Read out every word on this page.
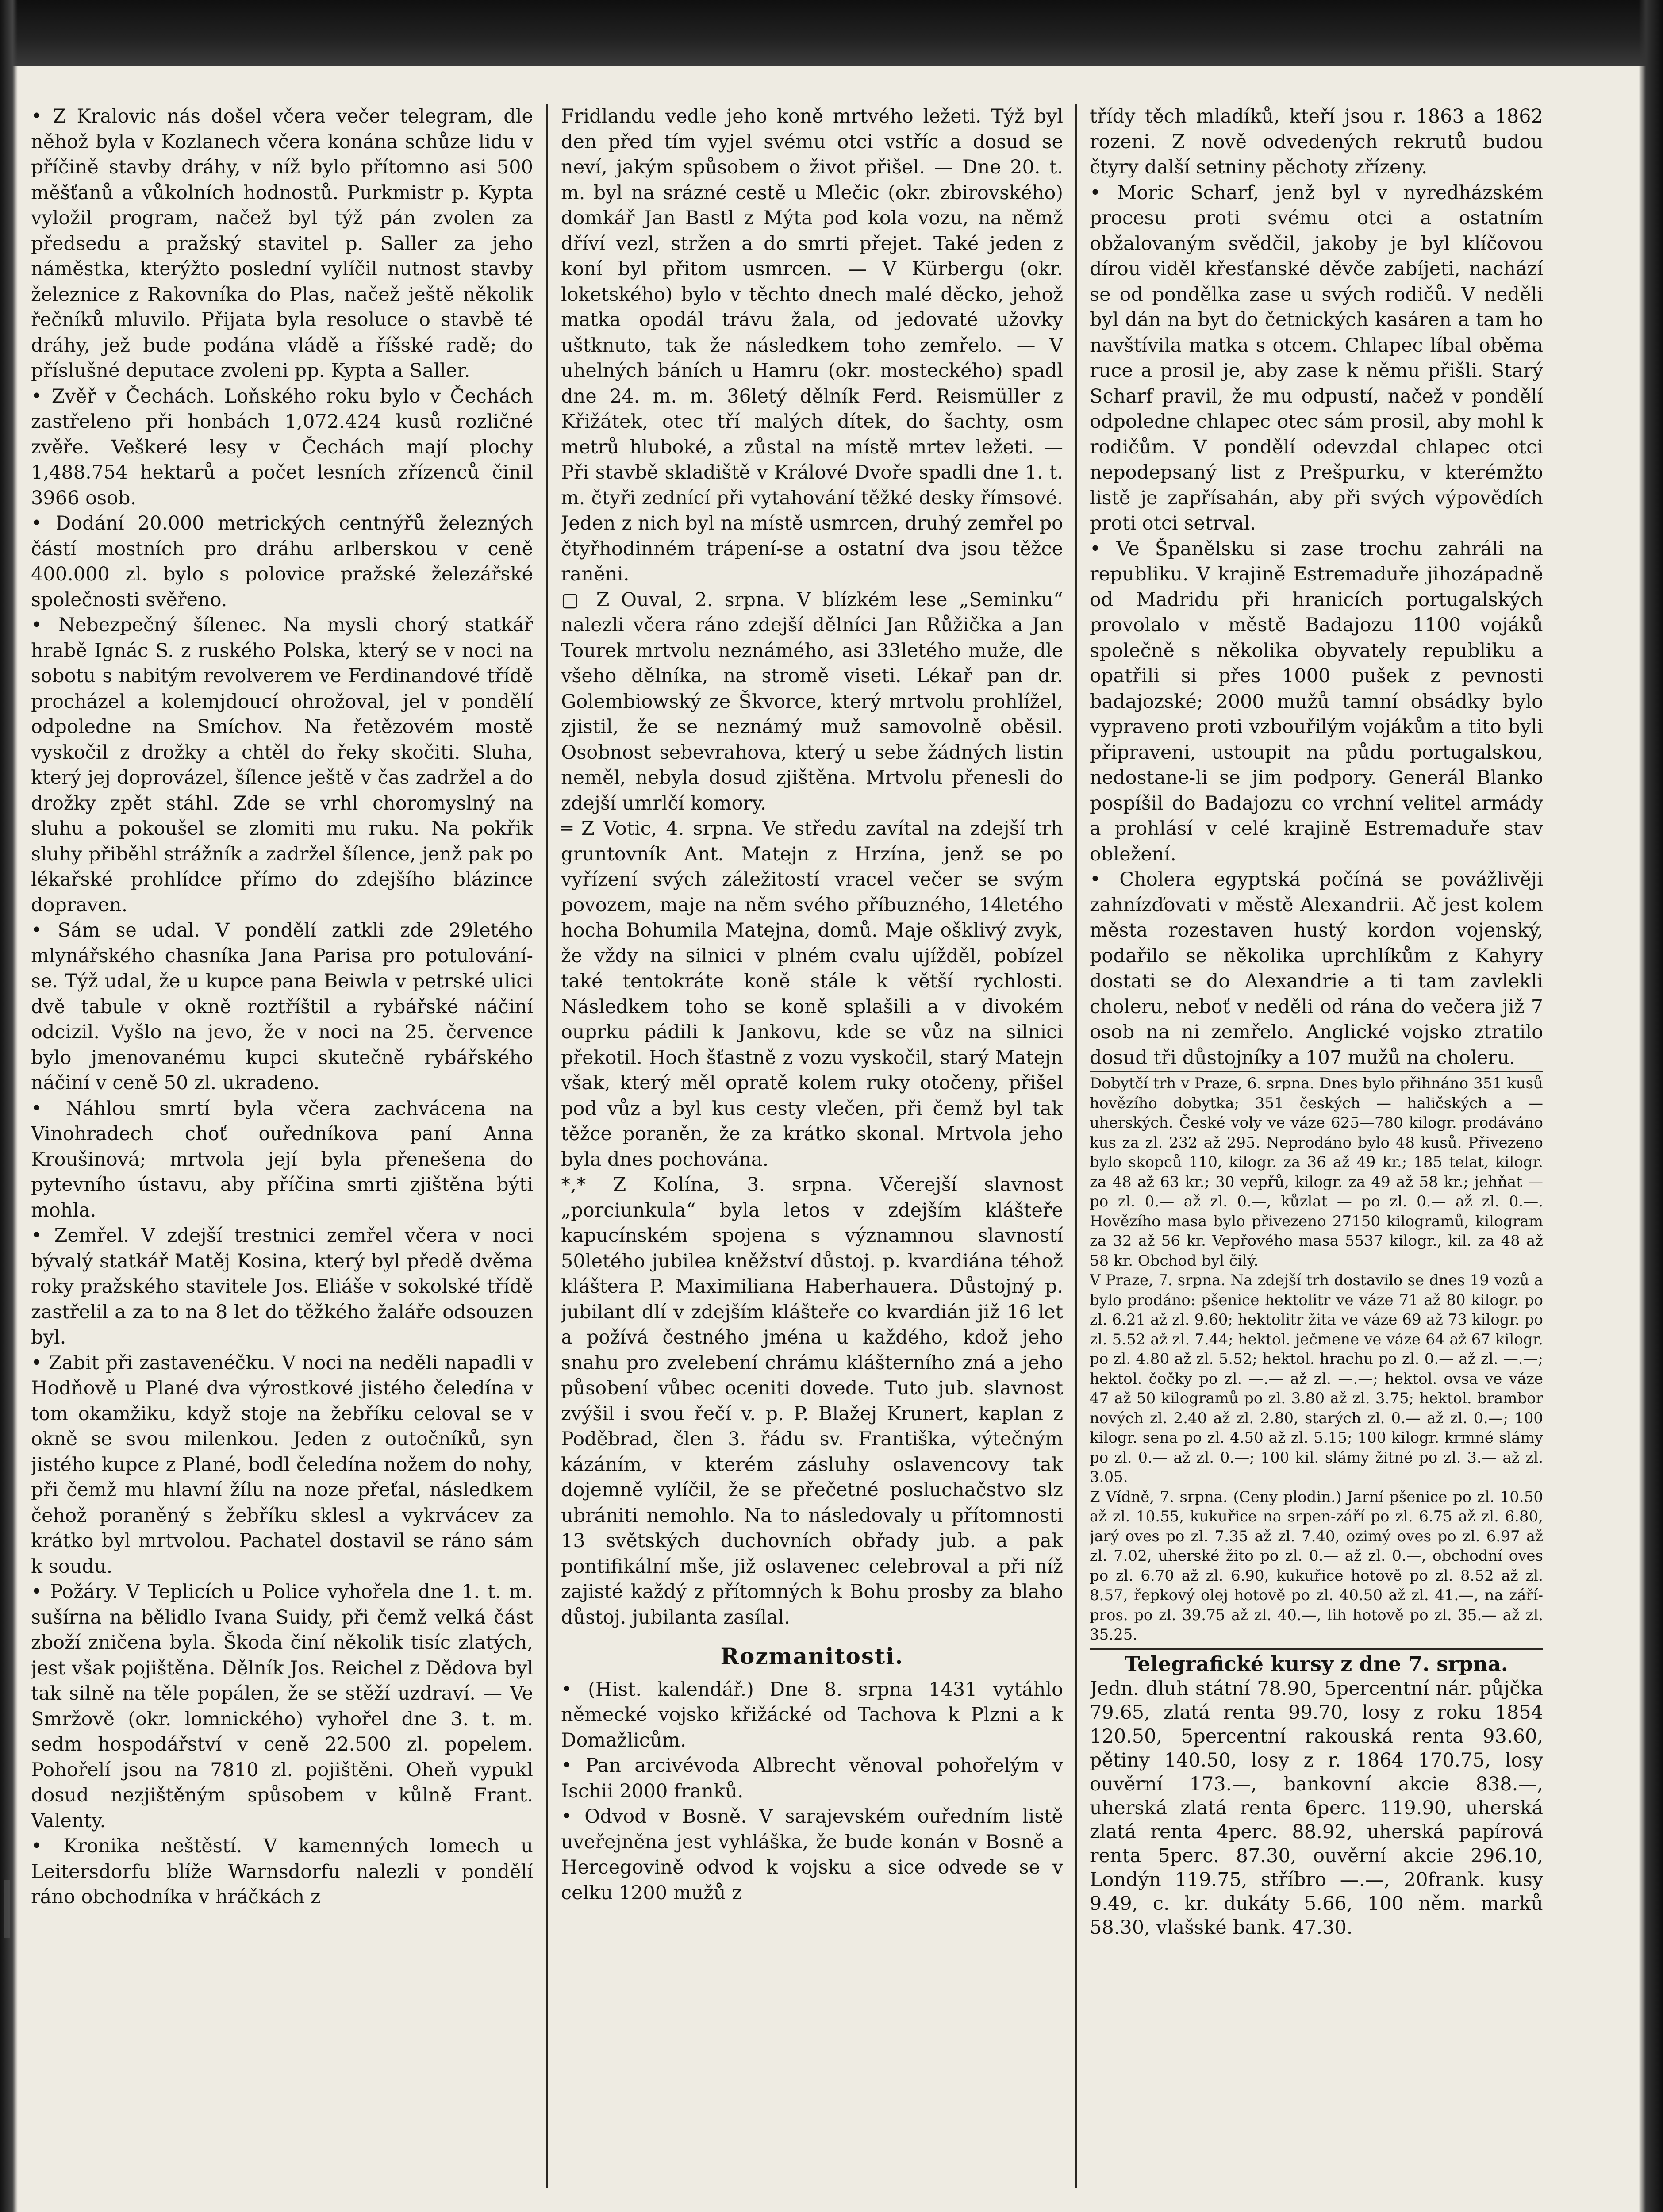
• Z Kralovic nás došel včera večer telegram, dle něhož byla v Kozlanech včera konána schůze lidu v příčině stavby dráhy, v níž bylo přítomno asi 500 měšťanů a vůkolních hodnostů. Purkmistr p. Kypta vyložil program, načež byl týž pán zvolen za předsedu a pražský stavitel p. Saller za jeho náměstka, kterýžto poslední vylíčil nutnost stavby železnice z Rakovníka do Plas, načež ještě několik řečníků mluvilo. Přijata byla resoluce o stavbě té dráhy, jež bude podána vládě a říšské radě; do příslušné deputace zvoleni pp. Kypta a Saller.

• Zvěř v Čechách. Loňského roku bylo v Čechách zastřeleno při honbách 1,072.424 kusů rozličné zvěře. Veškeré lesy v Čechách mají plochy 1,488.754 hektarů a počet lesních zřízenců činil 3966 osob.

• Dodání 20.000 metrických centnýřů železných částí mostních pro dráhu arlberskou v ceně 400.000 zl. bylo s polovice pražské železářské společnosti svěřeno.

• Nebezpečný šílenec. Na mysli chorý statkář hrabě Ignác S. z ruského Polska, který se v noci na sobotu s nabitým revolverem ve Ferdinandové třídě procházel a kolemjdoucí ohrožoval, jel v pondělí odpoledne na Smíchov. Na řetězovém mostě vyskočil z drožky a chtěl do řeky skočiti. Sluha, který jej doprovázel, šílence ještě v čas zadržel a do drožky zpět stáhl. Zde se vrhl choromyslný na sluhu a pokoušel se zlomiti mu ruku. Na pokřik sluhy přiběhl strážník a zadržel šílence, jenž pak po lékařské prohlídce přímo do zdejšího blázince dopraven.

• Sám se udal. V pondělí zatkli zde 29letého mlynářského chasníka Jana Parisa pro potulování-se. Týž udal, že u kupce pana Beiwla v petrské ulici dvě tabule v okně roztříštil a rybářské náčiní odcizil. Vyšlo na jevo, že v noci na 25. července bylo jmenovanému kupci skutečně rybářského náčiní v ceně 50 zl. ukradeno.

• Náhlou smrtí byla včera zachvácena na Vinohradech choť ouředníkova paní Anna Kroušinová; mrtvola její byla přenešena do pytevního ústavu, aby příčina smrti zjištěna býti mohla.

• Zemřel. V zdejší trestnici zemřel včera v noci bývalý statkář Matěj Kosina, který byl předě dvěma roky pražského stavitele Jos. Eliáše v sokolské třídě zastřelil a za to na 8 let do těžkého žaláře odsouzen byl.

• Zabit při zastavenéčku. V noci na neděli napadli v Hodňově u Plané dva výrostkové jistého čeledína v tom okamžiku, když stoje na žebříku celoval se v okně se svou milenkou. Jeden z outočníků, syn jistého kupce z Plané, bodl čeledína nožem do nohy, při čemž mu hlavní žílu na noze přeťal, následkem čehož poraněný s žebříku sklesl a vykrvácev za krátko byl mrtvolou. Pachatel dostavil se ráno sám k soudu.

• Požáry. V Teplicích u Police vyhořela dne 1. t. m. sušírna na bělidlo Ivana Suidy, při čemž velká část zboží zničena byla. Škoda činí několik tisíc zlatých, jest však pojištěna. Dělník Jos. Reichel z Dědova byl tak silně na těle popálen, že se stěží uzdraví. — Ve Smržově (okr. lomnického) vyhořel dne 3. t. m. sedm hospodářství v ceně 22.500 zl. popelem. Pohořelí jsou na 7810 zl. pojištěni. Oheň vypukl dosud nezjištěným spůsobem v kůlně Frant. Valenty.

• Kronika neštěstí. V kamenných lomech u Leitersdorfu blíže Warnsdorfu nalezli v pondělí ráno obchodníka v hráčkách z

Fridlandu vedle jeho koně mrtvého ležeti. Týž byl den před tím vyjel svému otci vstříc a dosud se neví, jakým spůsobem o život přišel. — Dne 20. t. m. byl na srázné cestě u Mlečic (okr. zbirovského) domkář Jan Bastl z Mýta pod kola vozu, na němž dříví vezl, stržen a do smrti přejet. Také jeden z koní byl přitom usmrcen. — V Kürbergu (okr. loketského) bylo v těchto dnech malé děcko, jehož matka opodál trávu žala, od jedovaté užovky uštknuto, tak že následkem toho zemřelo. — V uhelných báních u Hamru (okr. mosteckého) spadl dne 24. m. m. 36letý dělník Ferd. Reismüller z Křižátek, otec tří malých dítek, do šachty, osm metrů hluboké, a zůstal na místě mrtev ležeti. — Při stavbě skladiště v Králové Dvoře spadli dne 1. t. m. čtyři zednící při vytahování těžké desky římsové. Jeden z nich byl na místě usmrcen, druhý zemřel po čtyřhodinném trápení-se a ostatní dva jsou těžce raněni.

▢ Z Ouval, 2. srpna. V blízkém lese „Seminku“ nalezli včera ráno zdejší dělníci Jan Růžička a Jan Tourek mrtvolu neznámého, asi 33letého muže, dle všeho dělníka, na stromě viseti. Lékař pan dr. Golembiowský ze Škvorce, který mrtvolu prohlížel, zjistil, že se neznámý muž samovolně oběsil. Osobnost sebevrahova, který u sebe žádných listin neměl, nebyla dosud zjištěna. Mrtvolu přenesli do zdejší umrlčí komory.

═ Z Votic, 4. srpna. Ve středu zavítal na zdejší trh gruntovník Ant. Matejn z Hrzína, jenž se po vyřízení svých záležitostí vracel večer se svým povozem, maje na něm svého příbuzného, 14letého hocha Bohumila Matejna, domů. Maje ošklivý zvyk, že vždy na silnici v plném cvalu ujížděl, pobízel také tentokráte koně stále k větší rychlosti. Následkem toho se koně splašili a v divokém ouprku pádili k Jankovu, kde se vůz na silnici překotil. Hoch šťastně z vozu vyskočil, starý Matejn však, který měl opratě kolem ruky otočeny, přišel pod vůz a byl kus cesty vlečen, při čemž byl tak těžce poraněn, že za krátko skonal. Mrtvola jeho byla dnes pochována.

*,* Z Kolína, 3. srpna. Včerejší slavnost „porciunkula“ byla letos v zdejším klášteře kapucínském spojena s významnou slavností 50letého jubilea kněžství důstoj. p. kvardiána téhož kláštera P. Maximiliana Haberhauera. Důstojný p. jubilant dlí v zdejším klášteře co kvardián již 16 let a požívá čestného jména u každého, kdož jeho snahu pro zvelebení chrámu klášterního zná a jeho působení vůbec oceniti dovede. Tuto jub. slavnost zvýšil i svou řečí v. p. P. Blažej Krunert, kaplan z Poděbrad, člen 3. řádu sv. Františka, výtečným kázáním, v kterém zásluhy oslavencovy tak dojemně vylíčil, že se přečetné posluchačstvo slz ubrániti nemohlo. Na to následovaly u přítomnosti 13 světských duchovních obřady jub. a pak pontifikální mše, již oslavenec celebroval a při níž zajisté každý z přítomných k Bohu prosby za blaho důstoj. jubilanta zasílal.

Rozmanitosti.

• (Hist. kalendář.) Dne 8. srpna 1431 vytáhlo německé vojsko křižácké od Tachova k Plzni a k Domažlicům.

• Pan arcivévoda Albrecht věnoval pohořelým v Ischii 2000 franků.

• Odvod v Bosně. V sarajevském ouředním listě uveřejněna jest vyhláška, že bude konán v Bosně a Hercegovině odvod k vojsku a sice odvede se v celku 1200 mužů z

třídy těch mladíků, kteří jsou r. 1863 a 1862 rozeni. Z nově odvedených rekrutů budou čtyry další setniny pěchoty zřízeny.

• Moric Scharf, jenž byl v nyredházském procesu proti svému otci a ostatním obžalovaným svědčil, jakoby je byl klíčovou dírou viděl křesťanské děvče zabíjeti, nachází se od pondělka zase u svých rodičů. V neděli byl dán na byt do četnických kasáren a tam ho navštívila matka s otcem. Chlapec líbal oběma ruce a prosil je, aby zase k němu přišli. Starý Scharf pravil, že mu odpustí, načež v pondělí odpoledne chlapec otec sám prosil, aby mohl k rodičům. V pondělí odevzdal chlapec otci nepodepsaný list z Prešpurku, v kterémžto listě je zapřísahán, aby při svých výpovědích proti otci setrval.

• Ve Španělsku si zase trochu zahráli na republiku. V krajině Estremaduře jihozápadně od Madridu při hranicích portugalských provolalo v městě Badajozu 1100 vojáků společně s několika obyvately republiku a opatřili si přes 1000 pušek z pevnosti badajozské; 2000 mužů tamní obsádky bylo vypraveno proti vzbouřilým vojákům a tito byli připraveni, ustoupit na půdu portugalskou, nedostane-li se jim podpory. Generál Blanko pospíšil do Badajozu co vrchní velitel armády a prohlásí v celé krajině Estremaduře stav obležení.

• Cholera egyptská počíná se povážlivěji zahnízďovati v městě Alexandrii. Ač jest kolem města rozestaven hustý kordon vojenský, podařilo se několika uprchlíkům z Kahyry dostati se do Alexandrie a ti tam zavlekli choleru, neboť v neděli od rána do večera již 7 osob na ni zemřelo. Anglické vojsko ztratilo dosud tři důstojníky a 107 mužů na choleru.

Dobytčí trh v Praze, 6. srpna. Dnes bylo přihnáno 351 kusů hovězího dobytka; 351 českých — haličských a — uherských. České voly ve váze 625—780 kilogr. prodáváno kus za zl. 232 až 295. Neprodáno bylo 48 kusů. Přivezeno bylo skopců 110, kilogr. za 36 až 49 kr.; 185 telat, kilogr. za 48 až 63 kr.; 30 vepřů, kilogr. za 49 až 58 kr.; jehňat — po zl. 0.— až zl. 0.—, kůzlat — po zl. 0.— až zl. 0.—. Hovězího masa bylo přivezeno 27150 kilogramů, kilogram za 32 až 56 kr. Vepřového masa 5537 kilogr., kil. za 48 až 58 kr. Obchod byl čilý.

V Praze, 7. srpna. Na zdejší trh dostavilo se dnes 19 vozů a bylo prodáno: pšenice hektolitr ve váze 71 až 80 kilogr. po zl. 6.21 až zl. 9.60; hektolitr žita ve váze 69 až 73 kilogr. po zl. 5.52 až zl. 7.44; hektol. ječmene ve váze 64 až 67 kilogr. po zl. 4.80 až zl. 5.52; hektol. hrachu po zl. 0.— až zl. —.—; hektol. čočky po zl. —.— až zl. —.—; hektol. ovsa ve váze 47 až 50 kilogramů po zl. 3.80 až zl. 3.75; hektol. brambor nových zl. 2.40 až zl. 2.80, starých zl. 0.— až zl. 0.—; 100 kilogr. sena po zl. 4.50 až zl. 5.15; 100 kilogr. krmné slámy po zl. 0.— až zl. 0.—; 100 kil. slámy žitné po zl. 3.— až zl. 3.05.

Z Vídně, 7. srpna. (Ceny plodin.) Jarní pšenice po zl. 10.50 až zl. 10.55, kukuřice na srpen-září po zl. 6.75 až zl. 6.80, jarý oves po zl. 7.35 až zl. 7.40, ozimý oves po zl. 6.97 až zl. 7.02, uherské žito po zl. 0.— až zl. 0.—, obchodní oves po zl. 6.70 až zl. 6.90, kukuřice hotově po zl. 8.52 až zl. 8.57, řepkový olej hotově po zl. 40.50 až zl. 41.—, na září-pros. po zl. 39.75 až zl. 40.—, lih hotově po zl. 35.— až zl. 35.25.

Telegrafické kursy z dne 7. srpna.

Jedn. dluh státní 78.90, 5percentní nár. půjčka 79.65, zlatá renta 99.70, losy z roku 1854 120.50, 5percentní rakouská renta 93.60, pětiny 140.50, losy z r. 1864 170.75, losy ouvěrní 173.—, bankovní akcie 838.—, uherská zlatá renta 6perc. 119.90, uherská zlatá renta 4perc. 88.92, uherská papírová renta 5perc. 87.30, ouvěrní akcie 296.10, Londýn 119.75, stříbro —.—, 20frank. kusy 9.49, c. kr. dukáty 5.66, 100 něm. marků 58.30, vlašské bank. 47.30.
